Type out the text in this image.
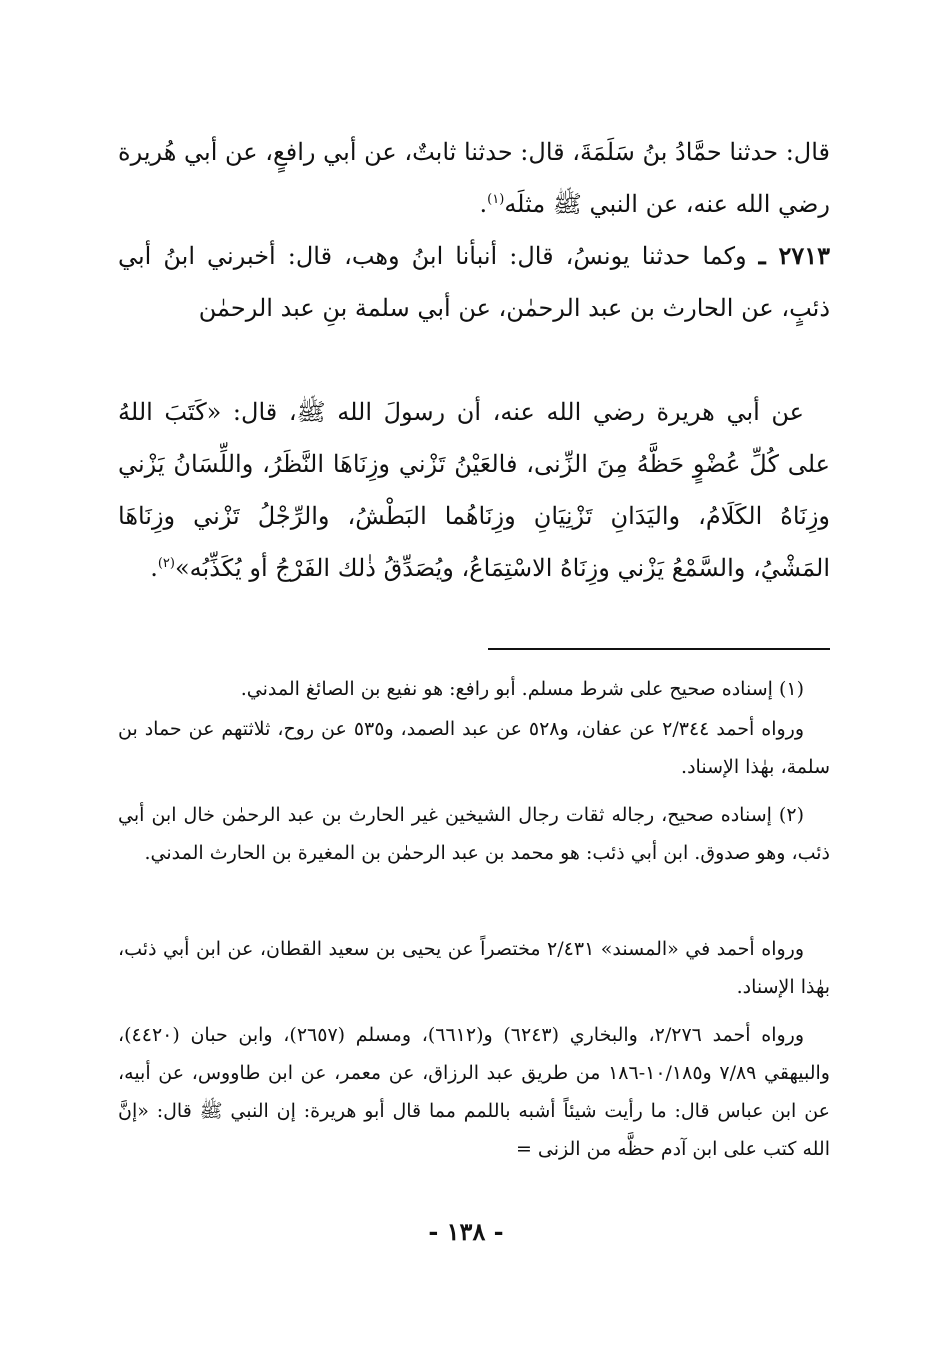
قال: حدثنا حمَّادُ بنُ سَلَمَةَ، قال: حدثنا ثابتٌ، عن أبي رافعٍ، عن أبي هُريرة رضي الله عنه، عن النبي ﷺ مثلَه$^{(١)}$.
٢٧١٣ ـ وكما حدثنا يونسُ، قال: أنبأنا ابنُ وهب، قال: أخبرني ابنُ أبي ذئبٍ، عن الحارث بن عبد الرحمٰن، عن أبي سلمة بنِ عبد الرحمٰن
عن أبي هريرة رضي الله عنه، أن رسولَ الله ﷺ، قال: «كَتَبَ اللهُ على كُلِّ عُضْوٍ حَظَّهُ مِنَ الزِّنى، فالعَيْنُ تَزْني وزِنَاهَا النَّظَرُ، واللِّسَانُ يَزْني وزِنَاهُ الكَلَامُ، واليَدَانِ تَزْنِيَانِ وزِنَاهُما البَطْشُ، والرِّجْلُ تَزْني وزِنَاهَا المَشْيُ، والسَّمْعُ يَزْني وزِنَاهُ الاسْتِمَاعُ، ويُصَدِّقُ ذٰلك الفَرْجُ أو يُكَذِّبُه»$^{(٢)}$.
(١) إسناده صحيح على شرط مسلم. أبو رافع: هو نفيع بن الصائغ المدني.
ورواه أحمد ٢/٣٤٤ عن عفان، و٥٢٨ عن عبد الصمد، و٥٣٥ عن روح، ثلاثتهم عن حماد بن سلمة، بهٰذا الإسناد.
(٢) إسناده صحيح، رجاله ثقات رجال الشيخين غير الحارث بن عبد الرحمٰن خال ابن أبي ذئب، وهو صدوق. ابن أبي ذئب: هو محمد بن عبد الرحمٰن بن المغيرة بن الحارث المدني.
ورواه أحمد في «المسند» ٢/٤٣١ مختصراً عن يحيى بن سعيد القطان، عن ابن أبي ذئب، بهٰذا الإسناد.
ورواه أحمد ٢/٢٧٦، والبخاري (٦٢٤٣) و(٦٦١٢)، ومسلم (٢٦٥٧)، وابن حبان (٤٤٢٠)، والبيهقي ٧/٨٩ و١٠/١٨٥-١٨٦ من طريق عبد الرزاق، عن معمر، عن ابن طاووس، عن أبيه، عن ابن عباس قال: ما رأيت شيئاً أشبه باللمم مما قال أبو هريرة: إن النبي ﷺ قال: «إنَّ الله كتب على ابن آدم حظَّه من الزنى =
- ١٣٨ -
